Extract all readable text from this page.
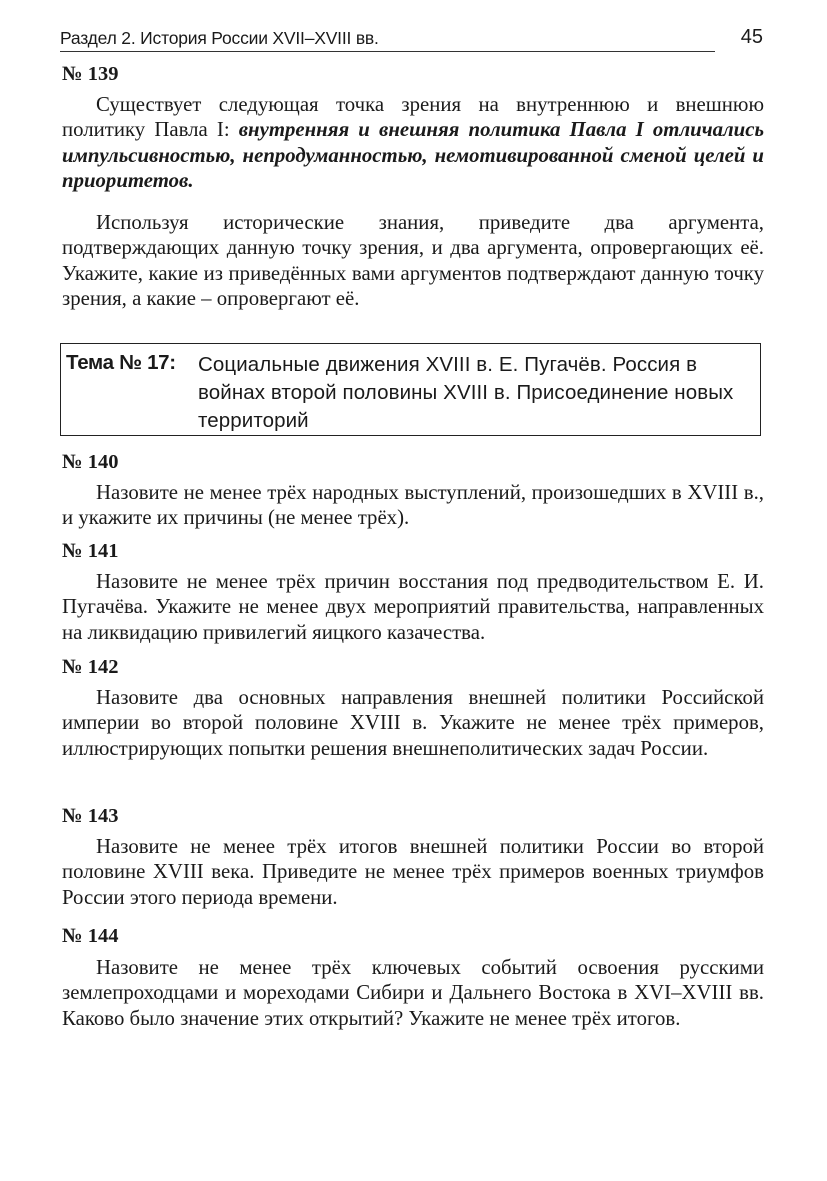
Раздел 2. История России XVII–XVIII вв.	45
№ 139

Существует следующая точка зрения на внутреннюю и внешнюю политику Павла I: внутренняя и внешняя политика Павла I отличались импульсивностью, непродуманностью, немотивированной сменой целей и приоритетов.

Используя исторические знания, приведите два аргумента, подтверждающих данную точку зрения, и два аргумента, опровергающих её. Укажите, какие из приведённых вами аргументов подтверждают данную точку зрения, а какие – опровергают её.

Тема № 17: Социальные движения XVIII в. Е. Пугачёв. Россия в войнах второй половины XVIII в. Присоединение новых территорий
№ 140

Назовите не менее трёх народных выступлений, произошедших в XVIII в., и укажите их причины (не менее трёх).

№ 141

Назовите не менее трёх причин восстания под предводительством Е. И. Пугачёва. Укажите не менее двух мероприятий правительства, направленных на ликвидацию привилегий яицкого казачества.

№ 142

Назовите два основных направления внешней политики Российской империи во второй половине XVIII в. Укажите не менее трёх примеров, иллюстрирующих попытки решения внешнеполитических задач России.

№ 143

Назовите не менее трёх итогов внешней политики России во второй половине XVIII века. Приведите не менее трёх примеров военных триумфов России этого периода времени.

№ 144

Назовите не менее трёх ключевых событий освоения русскими землепроходцами и мореходами Сибири и Дальнего Востока в XVI–XVIII вв. Каково было значение этих открытий? Укажите не менее трёх итогов.
